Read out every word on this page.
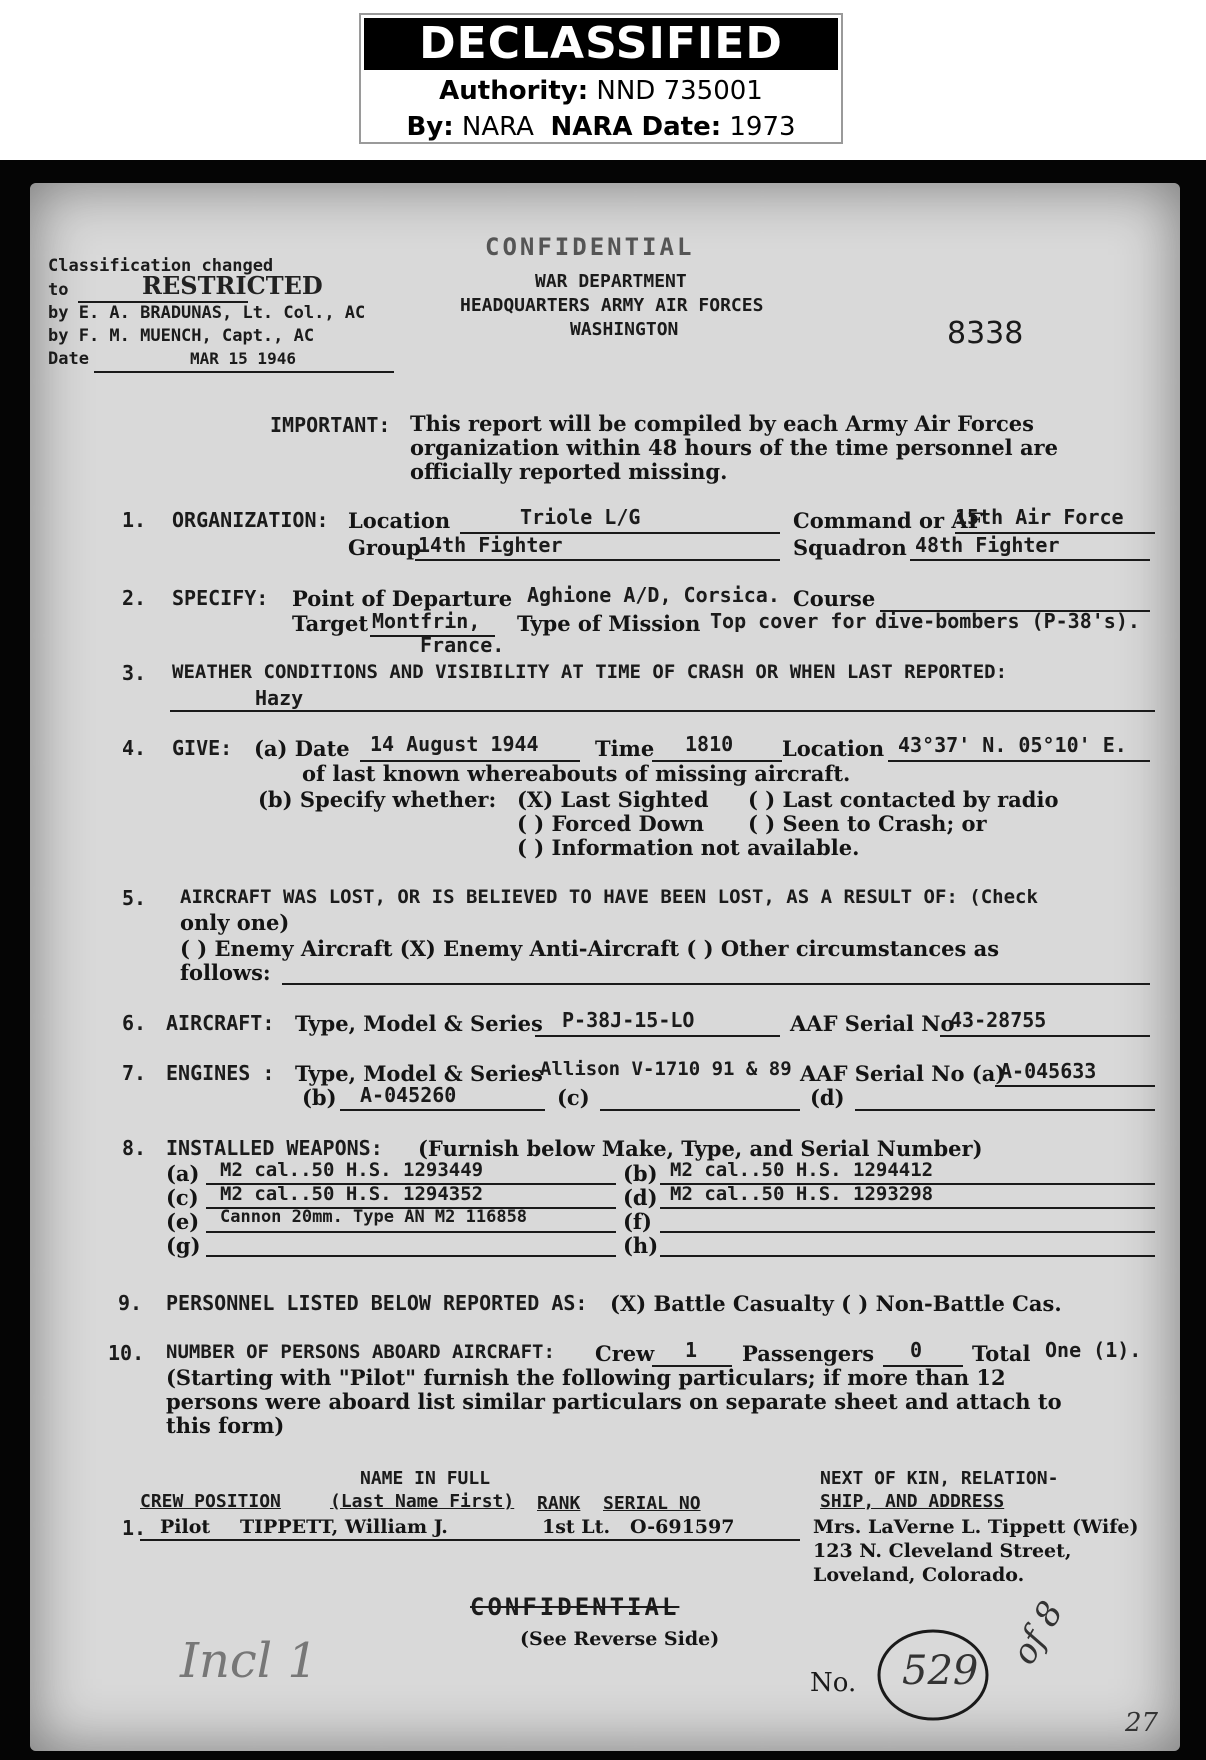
DECLASSIFIED
Authority: NND 735001
By: NARA NARA Date: 1973
CONFIDENTIAL
WAR DEPARTMENT
HEADQUARTERS ARMY AIR FORCES
WASHINGTON	8338
Classification changed
to	RESTRICTED
by E. A. BRADUNAS, Lt. Col., AC
by F. M. MUENCH, Capt., AC
Date	MAR 15 1946
IMPORTANT: This report will be compiled by each Army Air Forces
organization within 48 hours of the time personnel are
officially reported missing.
1. ORGANIZATION: Location	Triole L/G	Command or AF
15th Air Force
Group
14th Fighter	Squadron 48th Fighter
2. SPECIFY: Point of Departure Aghione A/D, Corsica. Course
Target Montfrin,
France.
Type of Mission Top cover for dive-bombers (P-38's).
3. WEATHER CONDITIONS AND VISIBILITY AT TIME OF CRASH OR WHEN LAST REPORTED:
Hazy
4. GIVE: (a) Date 14 August 1944	Time 1810 Location 43°37' N. 05°10' E.
of last known whereabouts of missing aircraft.
(b) Specify whether: (X) Last Sighted ( ) Last contacted by radio
( ) Forced Down ( ) Seen to Crash; or
( ) Information not available.
5. AIRCRAFT WAS LOST, OR IS BELIEVED TO HAVE BEEN LOST, AS A RESULT OF: (Check
only one)
( ) Enemy Aircraft (X) Enemy Anti-Aircraft ( ) Other circumstances as
follows:
6. AIRCRAFT: Type, Model & Series P-38J-15-LO	AAF Serial No
43-28755
7. ENGINES : Type, Model & Series
Allison V-1710 91 & 89 AAF Serial No (a)
A-045633
(b) A-045260	(c)	(d)
8. INSTALLED WEAPONS: (Furnish below Make, Type, and Serial Number)
(a) M2 cal..50 H.S. 1293449	(b) M2 cal..50 H.S. 1294412
(c) M2 cal..50 H.S. 1294352	(d) M2 cal..50 H.S. 1293298
(e) Cannon 20mm. Type AN M2 116858	(f)
(g)	(h)
9. PERSONNEL LISTED BELOW REPORTED AS: (X) Battle Casualty ( ) Non-Battle Cas.
10. NUMBER OF PERSONS ABOARD AIRCRAFT: Crew 1 Passengers 0 Total One (1).
(Starting with "Pilot" furnish the following particulars; if more than 12
persons were aboard list similar particulars on separate sheet and attach to
this form)
NAME IN FULL
CREW POSITION	(Last Name First) RANK SERIAL NO
NEXT OF KIN, RELATION-
SHIP, AND ADDRESS
1. Pilot TIPPETT, William J.	1st Lt. O-691597	Mrs. LaVerne L. Tippett (Wife)
123 N. Cleveland Street,
Loveland, Colorado.
CONFIDENTIAL
(See Reverse Side)
Incl 1	No. 529 of 8
27
